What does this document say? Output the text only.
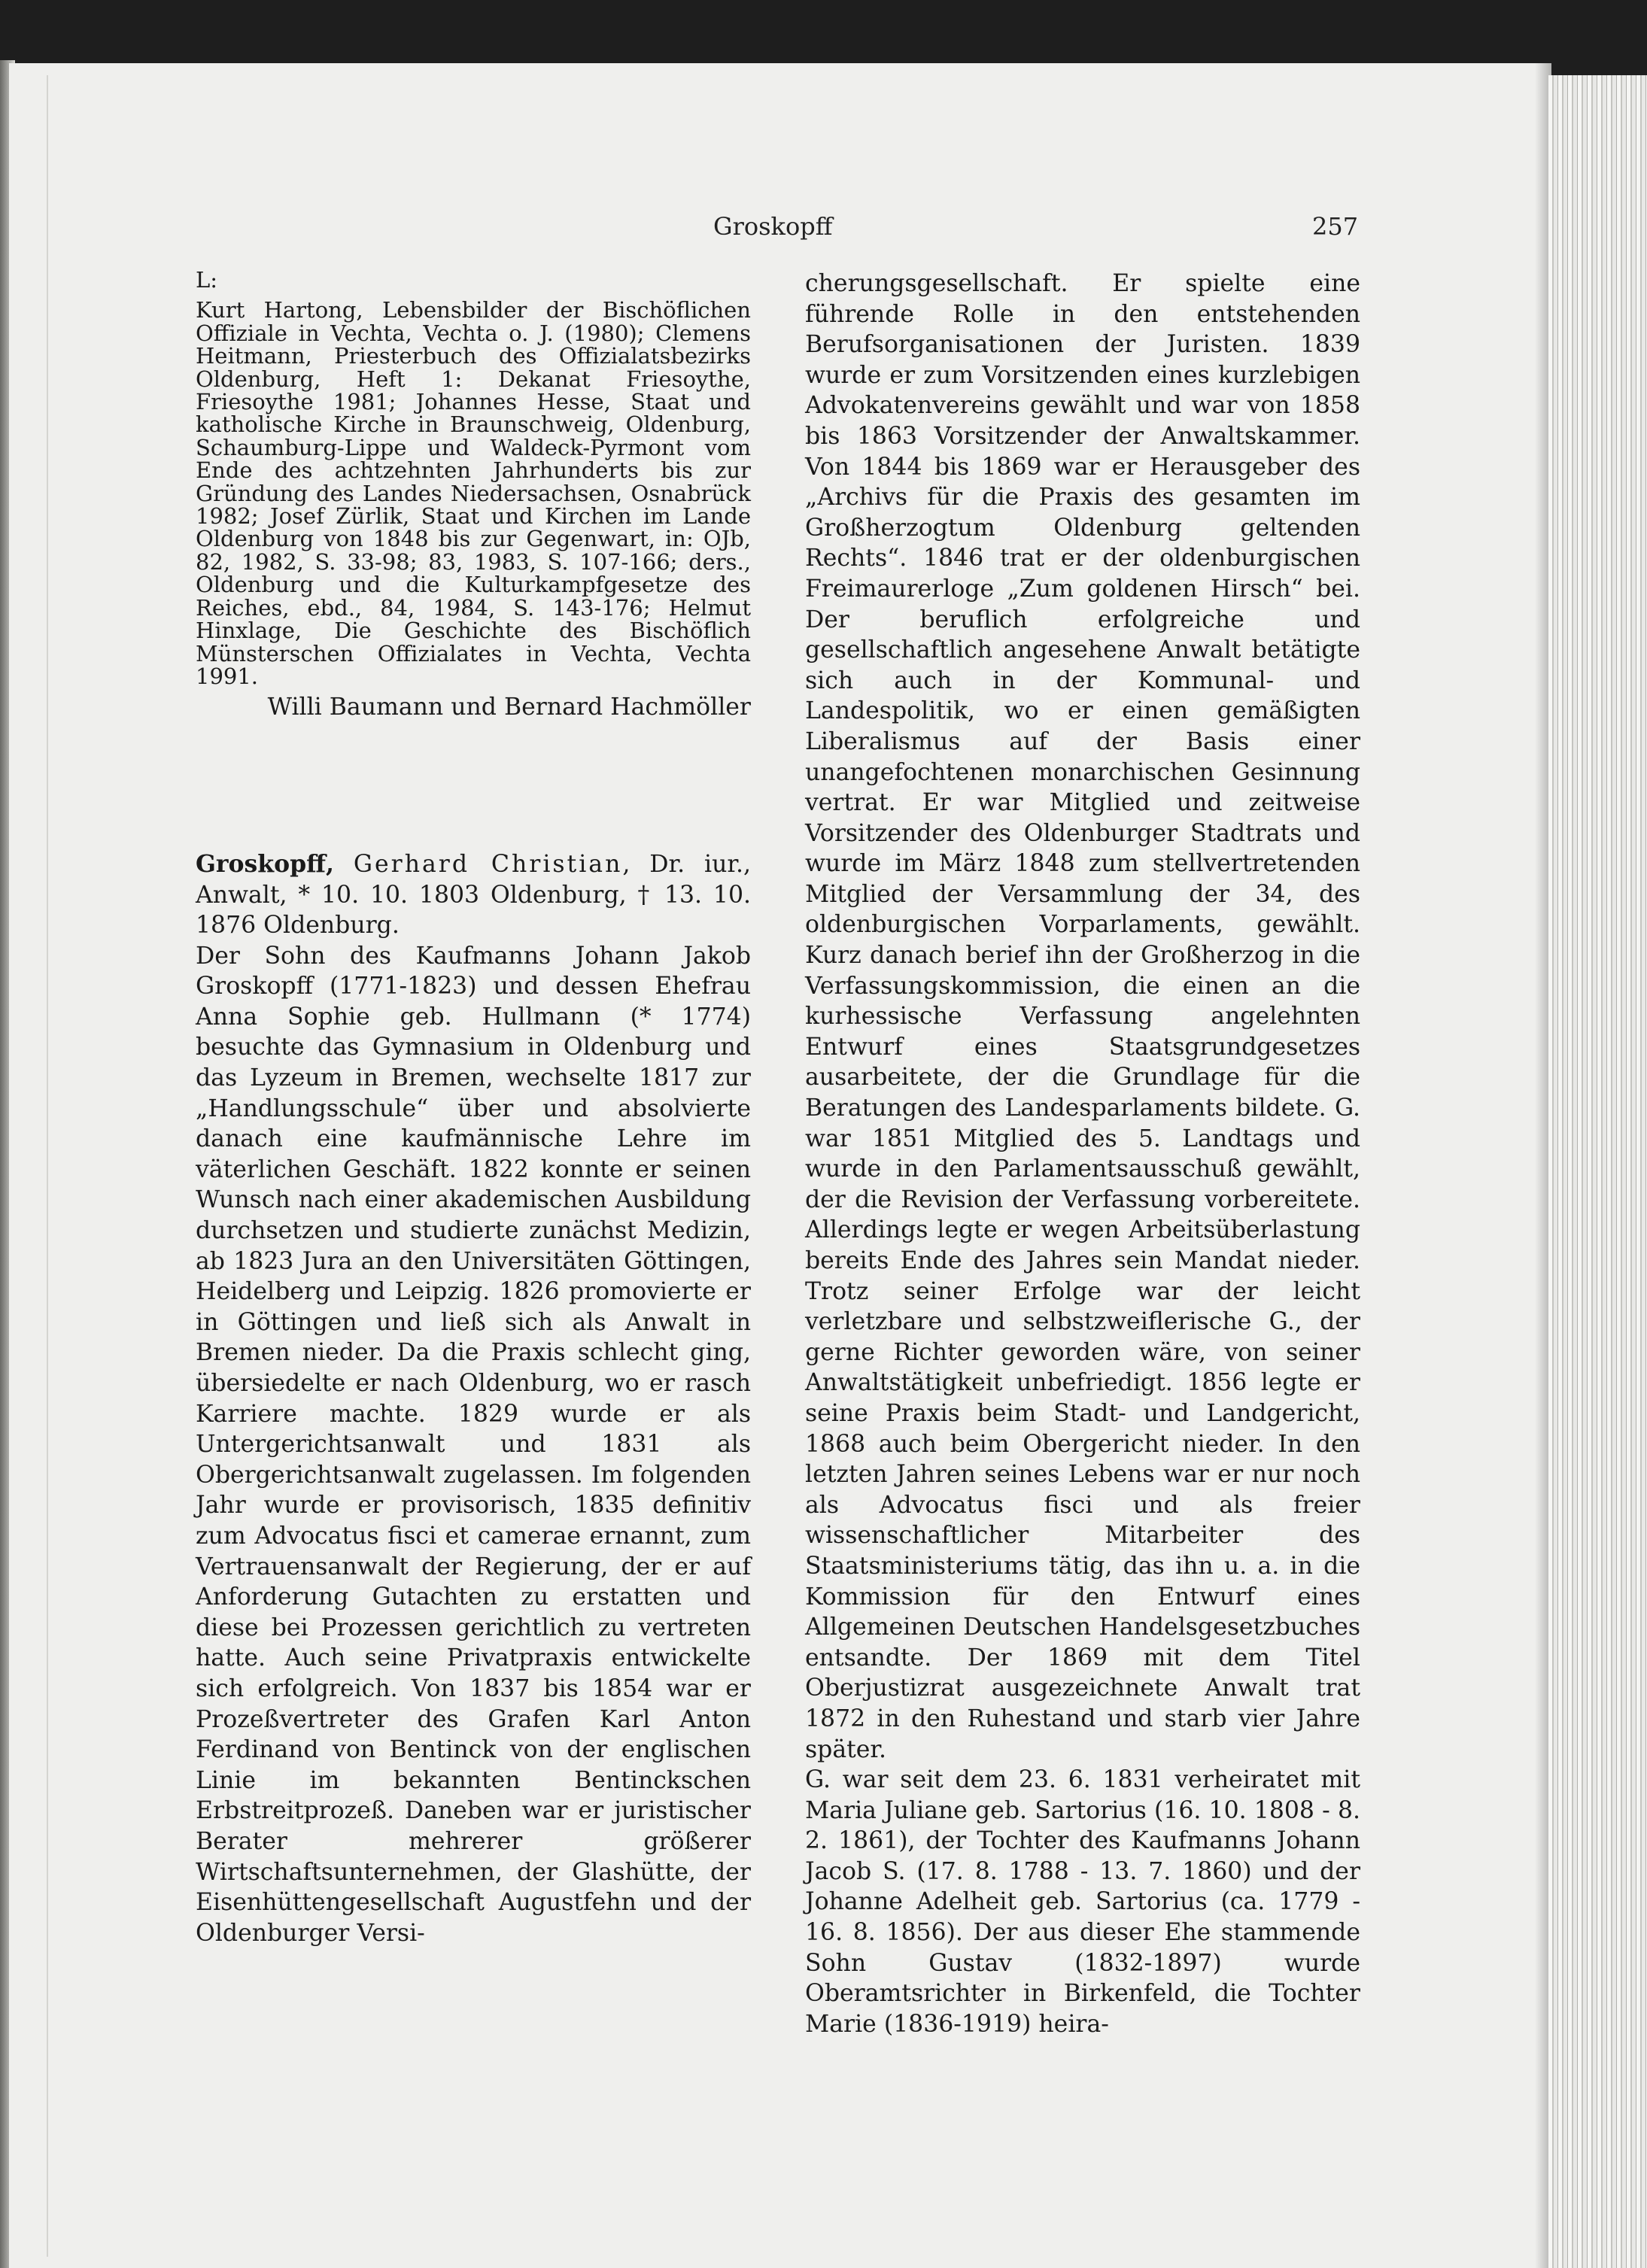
Groskopff	257

L:

Kurt Hartong, Lebensbilder der Bischöflichen Offiziale in Vechta, Vechta o. J. (1980); Clemens Heitmann, Priesterbuch des Offizialatsbezirks Oldenburg, Heft 1: Dekanat Friesoythe, Friesoythe 1981; Johannes Hesse, Staat und katholische Kirche in Braunschweig, Oldenburg, Schaumburg-Lippe und Waldeck-Pyrmont vom Ende des achtzehnten Jahrhunderts bis zur Gründung des Landes Niedersachsen, Osnabrück 1982; Josef Zürlik, Staat und Kirchen im Lande Oldenburg von 1848 bis zur Gegenwart, in: OJb, 82, 1982, S. 33-98; 83, 1983, S. 107-166; ders., Oldenburg und die Kulturkampfgesetze des Reiches, ebd., 84, 1984, S. 143-176; Helmut Hinxlage, Die Geschichte des Bischöflich Münsterschen Offizialates in Vechta, Vechta 1991.

Willi Baumann und Bernard Hachmöller

Groskopff, Gerhard Christian, Dr. iur., Anwalt, * 10. 10. 1803 Oldenburg, † 13. 10. 1876 Oldenburg.

Der Sohn des Kaufmanns Johann Jakob Groskopff (1771-1823) und dessen Ehefrau Anna Sophie geb. Hullmann (* 1774) besuchte das Gymnasium in Oldenburg und das Lyzeum in Bremen, wechselte 1817 zur „Handlungsschule“ über und absolvierte danach eine kaufmännische Lehre im väterlichen Geschäft. 1822 konnte er seinen Wunsch nach einer akademischen Ausbildung durchsetzen und studierte zunächst Medizin, ab 1823 Jura an den Universitäten Göttingen, Heidelberg und Leipzig. 1826 promovierte er in Göttingen und ließ sich als Anwalt in Bremen nieder. Da die Praxis schlecht ging, übersiedelte er nach Oldenburg, wo er rasch Karriere machte. 1829 wurde er als Untergerichtsanwalt und 1831 als Obergerichtsanwalt zugelassen. Im folgenden Jahr wurde er provisorisch, 1835 definitiv zum Advocatus fisci et camerae ernannt, zum Vertrauensanwalt der Regierung, der er auf Anforderung Gutachten zu erstatten und diese bei Prozessen gerichtlich zu vertreten hatte. Auch seine Privatpraxis entwickelte sich erfolgreich. Von 1837 bis 1854 war er Prozeßvertreter des Grafen Karl Anton Ferdinand von Bentinck von der englischen Linie im bekannten Bentinckschen Erbstreitprozeß. Daneben war er juristischer Berater mehrerer größerer Wirtschaftsunternehmen, der Glashütte, der Eisenhüttengesellschaft Augustfehn und der Oldenburger Versi-

cherungsgesellschaft. Er spielte eine führende Rolle in den entstehenden Berufsorganisationen der Juristen. 1839 wurde er zum Vorsitzenden eines kurzlebigen Advokatenvereins gewählt und war von 1858 bis 1863 Vorsitzender der Anwaltskammer. Von 1844 bis 1869 war er Herausgeber des „Archivs für die Praxis des gesamten im Großherzogtum Oldenburg geltenden Rechts“. 1846 trat er der oldenburgischen Freimaurerloge „Zum goldenen Hirsch“ bei. Der beruflich erfolgreiche und gesellschaftlich angesehene Anwalt betätigte sich auch in der Kommunal- und Landespolitik, wo er einen gemäßigten Liberalismus auf der Basis einer unangefochtenen monarchischen Gesinnung vertrat. Er war Mitglied und zeitweise Vorsitzender des Oldenburger Stadtrats und wurde im März 1848 zum stellvertretenden Mitglied der Versammlung der 34, des oldenburgischen Vorparlaments, gewählt. Kurz danach berief ihn der Großherzog in die Verfassungskommission, die einen an die kurhessische Verfassung angelehnten Entwurf eines Staatsgrundgesetzes ausarbeitete, der die Grundlage für die Beratungen des Landesparlaments bildete. G. war 1851 Mitglied des 5. Landtags und wurde in den Parlamentsausschuß gewählt, der die Revision der Verfassung vorbereitete. Allerdings legte er wegen Arbeitsüberlastung bereits Ende des Jahres sein Mandat nieder. Trotz seiner Erfolge war der leicht verletzbare und selbstzweiflerische G., der gerne Richter geworden wäre, von seiner Anwaltstätigkeit unbefriedigt. 1856 legte er seine Praxis beim Stadt- und Landgericht, 1868 auch beim Obergericht nieder. In den letzten Jahren seines Lebens war er nur noch als Advocatus fisci und als freier wissenschaftlicher Mitarbeiter des Staatsministeriums tätig, das ihn u. a. in die Kommission für den Entwurf eines Allgemeinen Deutschen Handelsgesetzbuches entsandte. Der 1869 mit dem Titel Oberjustizrat ausgezeichnete Anwalt trat 1872 in den Ruhestand und starb vier Jahre später.

G. war seit dem 23. 6. 1831 verheiratet mit Maria Juliane geb. Sartorius (16. 10. 1808 - 8. 2. 1861), der Tochter des Kaufmanns Johann Jacob S. (17. 8. 1788 - 13. 7. 1860) und der Johanne Adelheit geb. Sartorius (ca. 1779 - 16. 8. 1856). Der aus dieser Ehe stammende Sohn Gustav (1832-1897) wurde Oberamtsrichter in Birkenfeld, die Tochter Marie (1836-1919) heira-
